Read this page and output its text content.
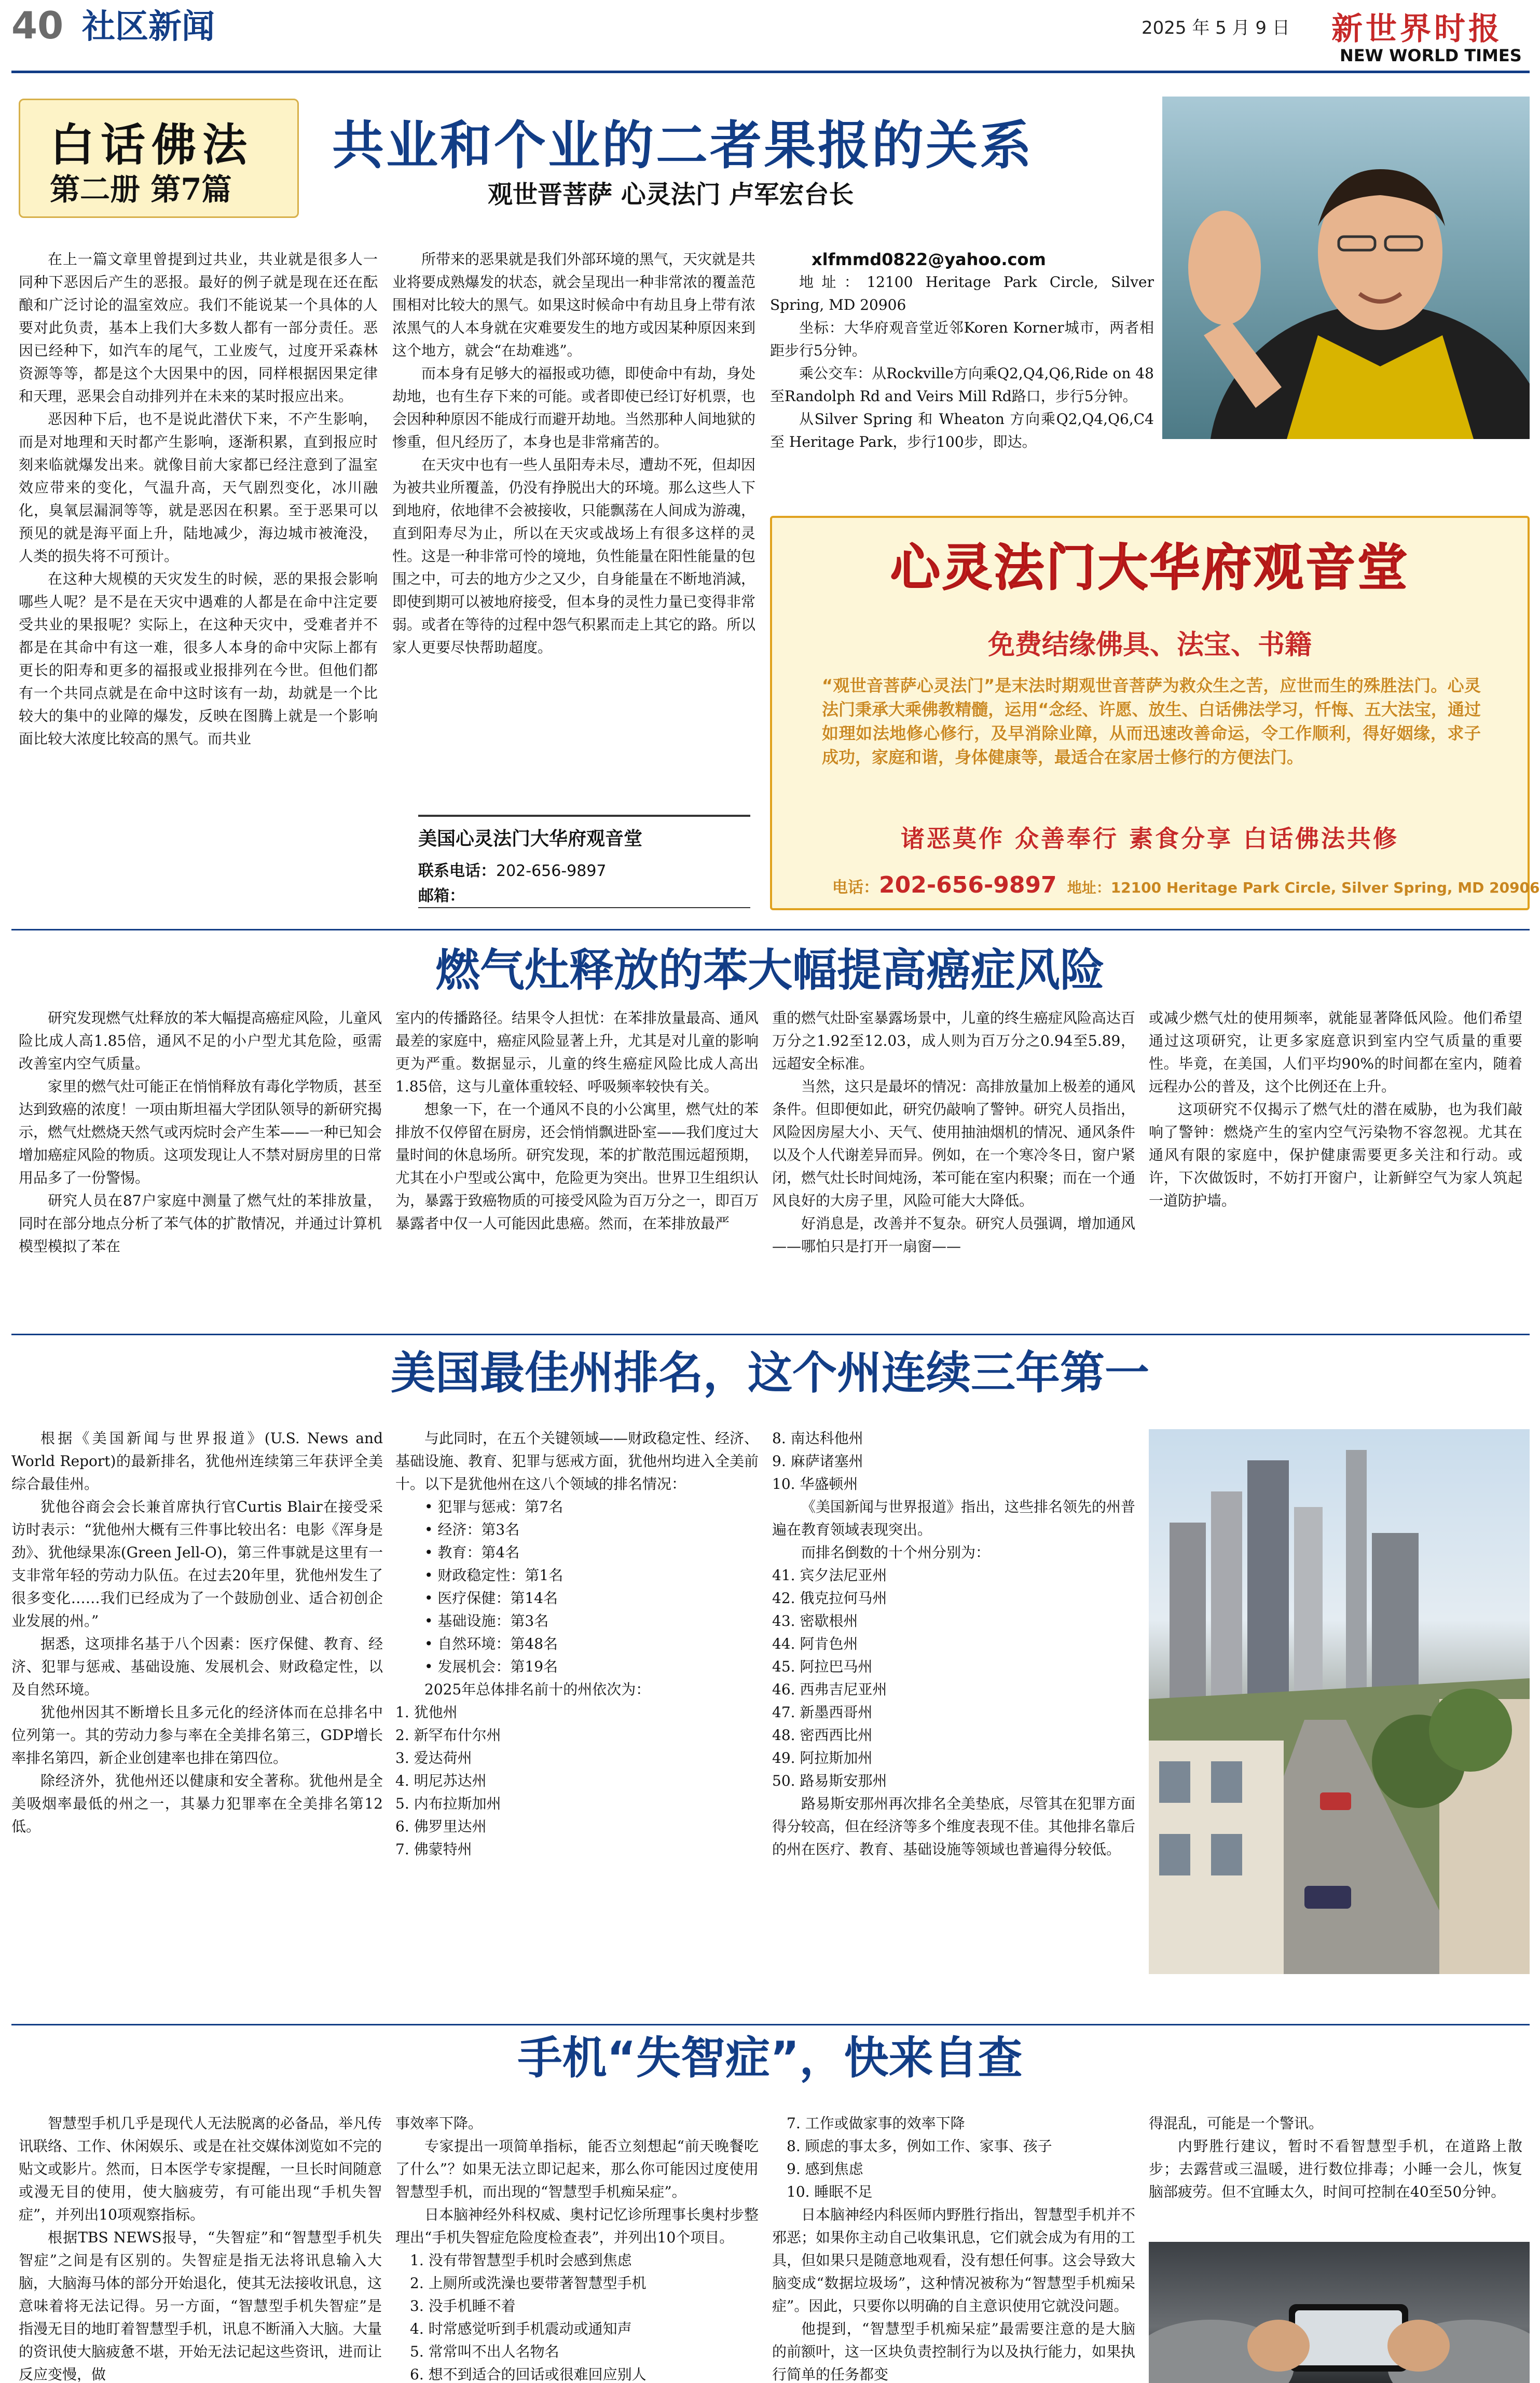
40 社区新闻	2025 年 5 月 9 日 新世界时报
NEW WORLD TIMES
白话佛法
第二册 第7篇
共业和个业的二者果报的关系
观世晋菩萨 心灵法门 卢军宏台长

在上一篇文章里曾提到过共业，共业就是很多人一同种下恶因后产生的恶报。最好的例子就是现在还在酝酿和广泛讨论的温室效应。我们不能说某一个具体的人要对此负责，基本上我们大多数人都有一部分责任。恶因已经种下，如汽车的尾气，工业废气，过度开采森林资源等等，都是这个大因果中的因，同样根据因果定律和天理，恶果会自动排列并在未来的某时报应出来。

恶因种下后，也不是说此潜伏下来，不产生影响，而是对地理和天时都产生影响，逐渐积累，直到报应时刻来临就爆发出来。就像目前大家都已经注意到了温室效应带来的变化，气温升高，天气剧烈变化，冰川融化，臭氧层漏洞等等，就是恶因在积累。至于恶果可以预见的就是海平面上升，陆地减少，海边城市被淹没，人类的损失将不可预计。

在这种大规模的天灾发生的时候，恶的果报会影响哪些人呢？是不是在天灾中遇难的人都是在命中注定要受共业的果报呢？实际上，在这种天灾中，受难者并不都是在其命中有这一难，很多人本身的命中灾际上都有更长的阳寿和更多的福报或业报排列在今世。但他们都有一个共同点就是在命中这时该有一劫，劫就是一个比较大的集中的业障的爆发，反映在图腾上就是一个影响面比较大浓度比较高的黑气。而共业

所带来的恶果就是我们外部环境的黑气，天灾就是共业将要成熟爆发的状态，就会呈现出一种非常浓的覆盖范围相对比较大的黑气。如果这时候命中有劫且身上带有浓浓黑气的人本身就在灾难要发生的地方或因某种原因来到这个地方，就会“在劫难逃”。

而本身有足够大的福报或功德，即使命中有劫，身处劫地，也有生存下来的可能。或者即使已经订好机票，也会因种种原因不能成行而避开劫地。当然那种人间地狱的惨重，但凡经历了，本身也是非常痛苦的。

在天灾中也有一些人虽阳寿未尽，遭劫不死，但却因为被共业所覆盖，仍没有挣脱出大的环境。那么这些人下到地府，依地律不会被接收，只能飘荡在人间成为游魂，直到阳寿尽为止，所以在天灾或战场上有很多这样的灵性。这是一种非常可怜的境地，负性能量在阳性能量的包围之中，可去的地方少之又少，自身能量在不断地消減，即使到期可以被地府接受，但本身的灵性力量已变得非常弱。或者在等待的过程中怨气积累而走上其它的路。所以家人更要尽快帮助超度。

美国心灵法门大华府观音堂
联系电话：202-656-9897
邮箱：

xlfmmd0822@yahoo.com

地址：12100 Heritage Park Circle, Silver Spring, MD 20906

坐标：大华府观音堂近邻Koren Korner城市，两者相距步行5分钟。

乘公交车：从Rockville方向乘Q2,Q4,Q6,Ride on 48 至Randolph Rd and Veirs Mill Rd路口，步行5分钟。

从Silver Spring 和 Wheaton 方向乘Q2,Q4,Q6,C4 至 Heritage Park，步行100步，即达。

心灵法门大华府观音堂
免费结缘佛具、法宝、书籍
“观世音菩萨心灵法门”是末法时期观世音菩萨为救众生之苦，应世而生的殊胜法门。心灵法门秉承大乘佛教精髓，运用“念经、许愿、放生、白话佛法学习，忏悔、五大法宝，通过如理如法地修心修行，及早消除业障，从而迅速改善命运，令工作顺利，得好姻缘，求子成功，家庭和谐，身体健康等，最适合在家居士修行的方便法门。
诸恶莫作 众善奉行 素食分享 白话佛法共修
电话：202-656-9897 地址：12100 Heritage Park Circle, Silver Spring, MD 20906
燃气灶释放的苯大幅提高癌症风险

研究发现燃气灶释放的苯大幅提高癌症风险，儿童风险比成人高1.85倍，通风不足的小户型尤其危险，亟需改善室内空气质量。

家里的燃气灶可能正在悄悄释放有毒化学物质，甚至达到致癌的浓度！一项由斯坦福大学团队领导的新研究揭示，燃气灶燃烧天然气或丙烷时会产生苯——一种已知会增加癌症风险的物质。这项发现让人不禁对厨房里的日常用品多了一份警惕。

研究人员在87户家庭中测量了燃气灶的苯排放量，同时在部分地点分析了苯气体的扩散情况，并通过计算机模型模拟了苯在

室内的传播路径。结果令人担忧：在苯排放量最高、通风最差的家庭中，癌症风险显著上升，尤其是对儿童的影响更为严重。数据显示，儿童的终生癌症风险比成人高出1.85倍，这与儿童体重较轻、呼吸频率较快有关。

想象一下，在一个通风不良的小公寓里，燃气灶的苯排放不仅停留在厨房，还会悄悄飘进卧室——我们度过大量时间的休息场所。研究发现，苯的扩散范围远超预期，尤其在小户型或公寓中，危险更为突出。世界卫生组织认为，暴露于致癌物质的可接受风险为百万分之一，即百万暴露者中仅一人可能因此患癌。然而，在苯排放最严

重的燃气灶卧室暴露场景中，儿童的终生癌症风险高达百万分之1.92至12.03，成人则为百万分之0.94至5.89，远超安全标准。

当然，这只是最坏的情况：高排放量加上极差的通风条件。但即便如此，研究仍敲响了警钟。研究人员指出，风险因房屋大小、天气、使用抽油烟机的情况、通风条件以及个人代谢差异而异。例如，在一个寒冷冬日，窗户紧闭，燃气灶长时间炖汤，苯可能在室内积聚；而在一个通风良好的大房子里，风险可能大大降低。

好消息是，改善并不复杂。研究人员强调，增加通风——哪怕只是打开一扇窗——

或减少燃气灶的使用频率，就能显著降低风险。他们希望通过这项研究，让更多家庭意识到室内空气质量的重要性。毕竟，在美国，人们平均90%的时间都在室内，随着远程办公的普及，这个比例还在上升。

这项研究不仅揭示了燃气灶的潜在威胁，也为我们敲响了警钟：燃烧产生的室内空气污染物不容忽视。尤其在通风有限的家庭中，保护健康需要更多关注和行动。或许，下次做饭时，不妨打开窗户，让新鲜空气为家人筑起一道防护墙。

美国最佳州排名，这个州连续三年第一

根据《美国新闻与世界报道》(U.S. News and World Report)的最新排名，犹他州连续第三年获评全美综合最佳州。

犹他谷商会会长兼首席执行官Curtis Blair在接受采访时表示：“犹他州大概有三件事比较出名：电影《浑身是劲》、犹他绿果冻(Green Jell-O)，第三件事就是这里有一支非常年轻的劳动力队伍。在过去20年里，犹他州发生了很多变化……我们已经成为了一个鼓励创业、适合初创企业发展的州。”

据悉，这项排名基于八个因素：医疗保健、教育、经济、犯罪与惩戒、基础设施、发展机会、财政稳定性，以及自然环境。

犹他州因其不断增长且多元化的经济体而在总排名中位列第一。其的劳动力参与率在全美排名第三，GDP增长率排名第四，新企业创建率也排在第四位。

除经济外，犹他州还以健康和安全著称。犹他州是全美吸烟率最低的州之一，其暴力犯罪率在全美排名第12低。

与此同时，在五个关键领域——财政稳定性、经济、基础设施、教育、犯罪与惩戒方面，犹他州均进入全美前十。以下是犹他州在这八个领域的排名情况：

• 犯罪与惩戒：第7名
• 经济：第3名
• 教育：第4名
• 财政稳定性：第1名
• 医疗保健：第14名
• 基础设施：第3名
• 自然环境：第48名
• 发展机会：第19名

2025年总体排名前十的州依次为：

1. 犹他州
2. 新罕布什尔州
3. 爱达荷州
4. 明尼苏达州
5. 内布拉斯加州
6. 佛罗里达州
7. 佛蒙特州
8. 南达科他州
9. 麻萨诸塞州
10. 华盛顿州

《美国新闻与世界报道》指出，这些排名领先的州普遍在教育领域表现突出。

而排名倒数的十个州分别为：

41. 宾夕法尼亚州
42. 俄克拉何马州
43. 密歇根州
44. 阿肯色州
45. 阿拉巴马州
46. 西弗吉尼亚州
47. 新墨西哥州
48. 密西西比州
49. 阿拉斯加州
50. 路易斯安那州

路易斯安那州再次排名全美垫底，尽管其在犯罪方面得分较高，但在经济等多个维度表现不佳。其他排名靠后的州在医疗、教育、基础设施等领域也普遍得分较低。

手机“失智症”，快来自查

智慧型手机几乎是现代人无法脱离的必备品，举凡传讯联络、工作、休闲娱乐、或是在社交媒体浏览如不完的贴文或影片。然而，日本医学专家提醒，一旦长时间随意或漫无目的使用，使大脑疲劳，有可能出现“手机失智症”，并列出10项观察指标。

根据TBS NEWS报导，“失智症”和“智慧型手机失智症”之间是有区别的。失智症是指无法将讯息输入大脑，大脑海马体的部分开始退化，使其无法接收讯息，这意味着将无法记得。另一方面，“智慧型手机失智症”是指漫无目的地盯着智慧型手机，讯息不断涌入大脑。大量的资讯使大脑疲惫不堪，开始无法记起这些资讯，进而让反应变慢，做

事效率下降。

专家提出一项简单指标，能否立刻想起“前天晚餐吃了什么”？如果无法立即记起来，那么你可能因过度使用智慧型手机，而出现的“智慧型手机痴呆症”。

日本脑神经外科权威、奥村记忆诊所理事长奥村步整理出“手机失智症危险度检查表”，并列出10个项目。

1. 没有带智慧型手机时会感到焦虑
2. 上厕所或洗澡也要带著智慧型手机
3. 没手机睡不着
4. 时常感觉听到手机震动或通知声
5. 常常叫不出人名物名
6. 想不到适合的回话或很难回应别人
7. 工作或做家事的效率下降
8. 顾虑的事太多，例如工作、家事、孩子
9. 感到焦虑
10. 睡眠不足

日本脑神经内科医师内野胜行指出，智慧型手机并不邪恶；如果你主动自己收集讯息，它们就会成为有用的工具，但如果只是随意地观看，没有想任何事。这会导致大脑变成“数据垃圾场”，这种情况被称为“智慧型手机痴呆症”。因此，只要你以明确的自主意识使用它就没问题。

他提到，“智慧型手机痴呆症”最需要注意的是大脑的前额叶，这一区块负责控制行为以及执行能力，如果执行简单的任务都变

得混乱，可能是一个警讯。

内野胜行建议，暂时不看智慧型手机，在道路上散步；去露营或三温暖，进行数位排毒；小睡一会儿，恢复脑部疲劳。但不宜睡太久，时间可控制在40至50分钟。
